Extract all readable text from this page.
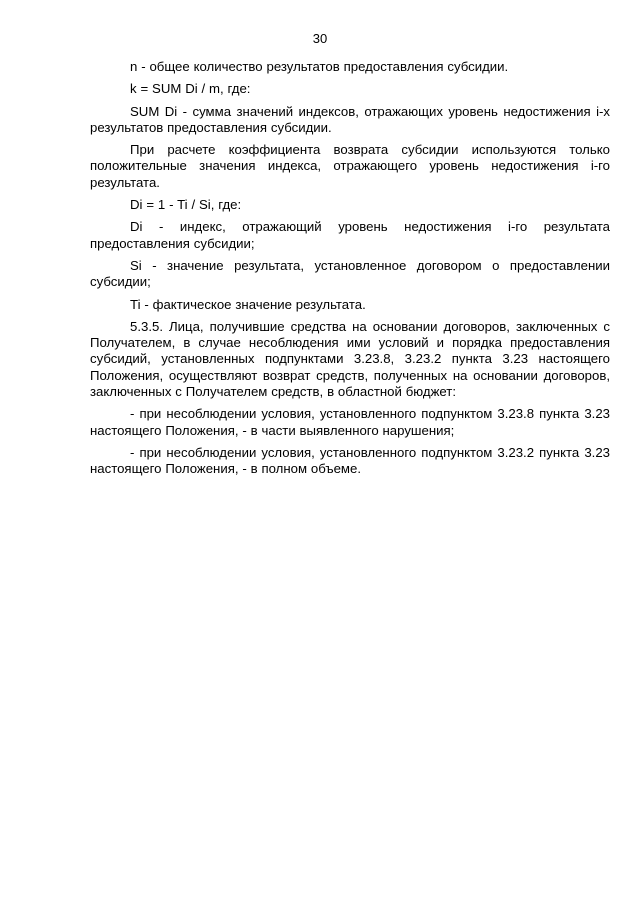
30

n - общее количество результатов предоставления субсидии.

k = SUM Di / m, где:

SUM Di - сумма значений индексов, отражающих уровень недостижения i-х результатов предоставления субсидии.

При расчете коэффициента возврата субсидии используются только положительные значения индекса, отражающего уровень недостижения i-го результата.

Di = 1 - Ti / Si, где:

Di - индекс, отражающий уровень недостижения i-го результата предоставления субсидии;

Si - значение результата, установленное договором о предоставлении субсидии;

Ti - фактическое значение результата.

5.3.5. Лица, получившие средства на основании договоров, заключенных с Получателем, в случае несоблюдения ими условий и порядка предоставления субсидий, установленных подпунктами 3.23.8, 3.23.2 пункта 3.23 настоящего Положения, осуществляют возврат средств, полученных на основании договоров, заключенных с Получателем средств, в областной бюджет:

- при несоблюдении условия, установленного подпунктом 3.23.8 пункта 3.23 настоящего Положения, - в части выявленного нарушения;

- при несоблюдении условия, установленного подпунктом 3.23.2 пункта 3.23 настоящего Положения, - в полном объеме.
